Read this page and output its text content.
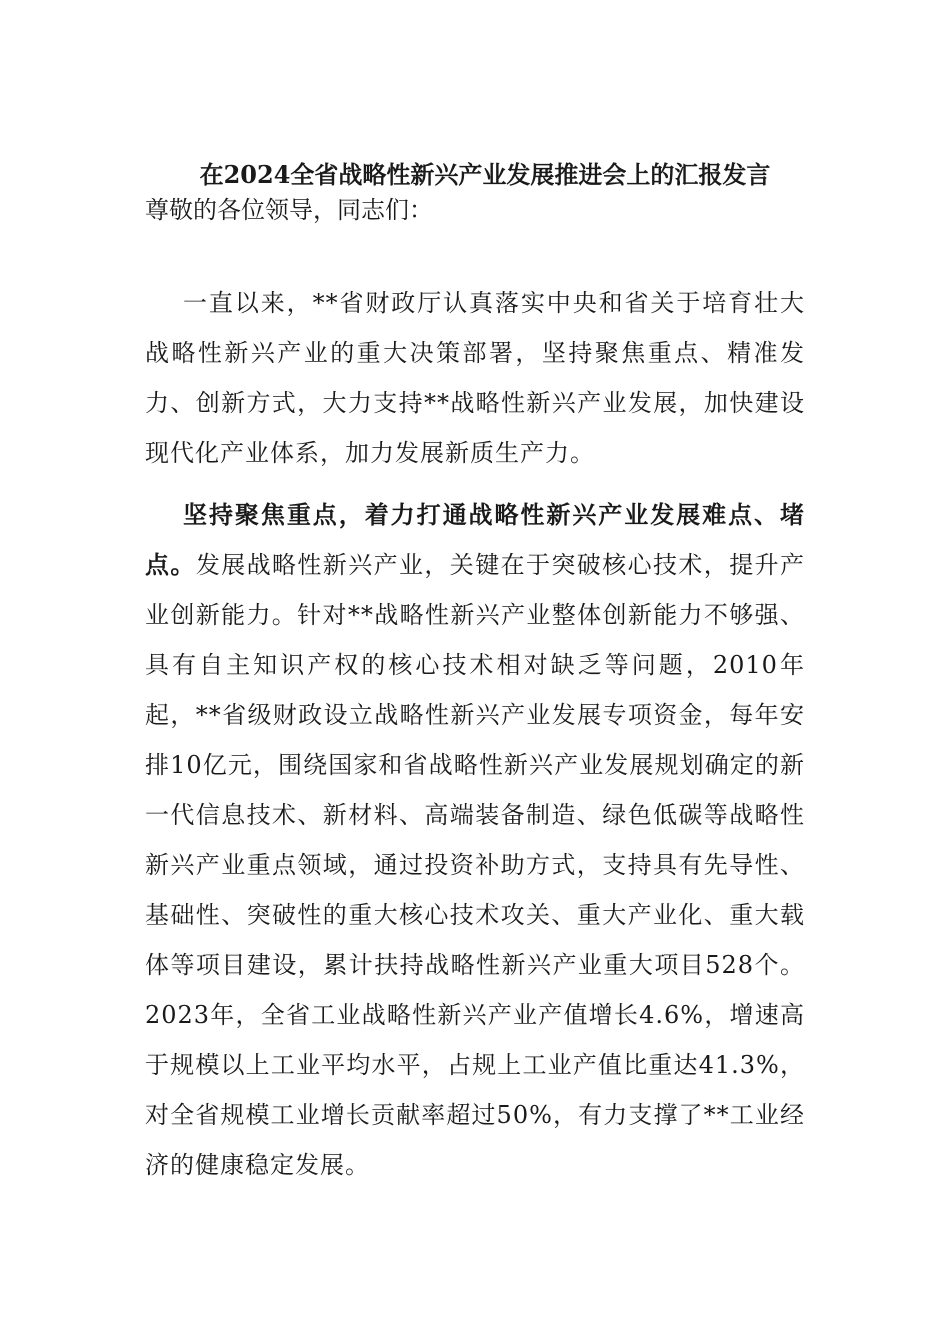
在2024全省战略性新兴产业发展推进会上的汇报发言
尊敬的各位领导，同志们：

一直以来，**省财政厅认真落实中央和省关于培育壮大战略性新兴产业的重大决策部署，坚持聚焦重点、精准发力、创新方式，大力支持**战略性新兴产业发展，加快建设现代化产业体系，加力发展新质生产力。

坚持聚焦重点，着力打通战略性新兴产业发展难点、堵点。发展战略性新兴产业，关键在于突破核心技术，提升产业创新能力。针对**战略性新兴产业整体创新能力不够强、具有自主知识产权的核心技术相对缺乏等问题，2010年起，**省级财政设立战略性新兴产业发展专项资金，每年安排10亿元，围绕国家和省战略性新兴产业发展规划确定的新一代信息技术、新材料、高端装备制造、绿色低碳等战略性新兴产业重点领域，通过投资补助方式，支持具有先导性、基础性、突破性的重大核心技术攻关、重大产业化、重大载体等项目建设，累计扶持战略性新兴产业重大项目528个。2023年，全省工业战略性新兴产业产值增长4.6%，增速高于规模以上工业平均水平，占规上工业产值比重达41.3%，对全省规模工业增长贡献率超过50%，有力支撑了**工业经济的健康稳定发展。
